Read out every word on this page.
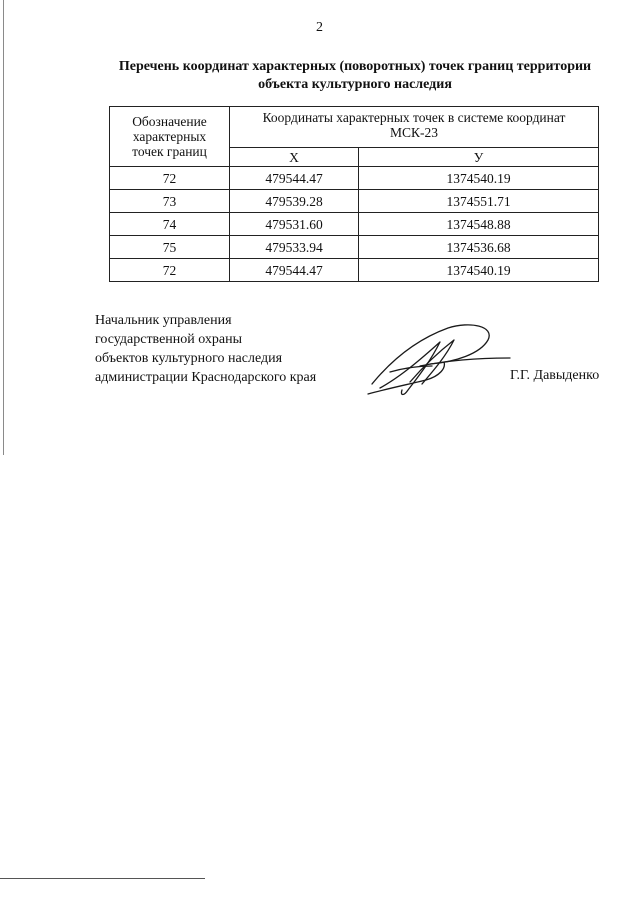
2
Перечень координат характерных (поворотных) точек границ территории
объекта культурного наследия
Обозначение
характерных
точек границ	Координаты характерных точек в системе координат
МСК-23	
	X	У
72	479544.47	1374540.19
73	479539.28	1374551.71
74	479531.60	1374548.88
75	479533.94	1374536.68
72	479544.47	1374540.19
Начальник управления
государственной охраны
объектов культурного наследия
администрации Краснодарского края	Г.Г. Давыденко
